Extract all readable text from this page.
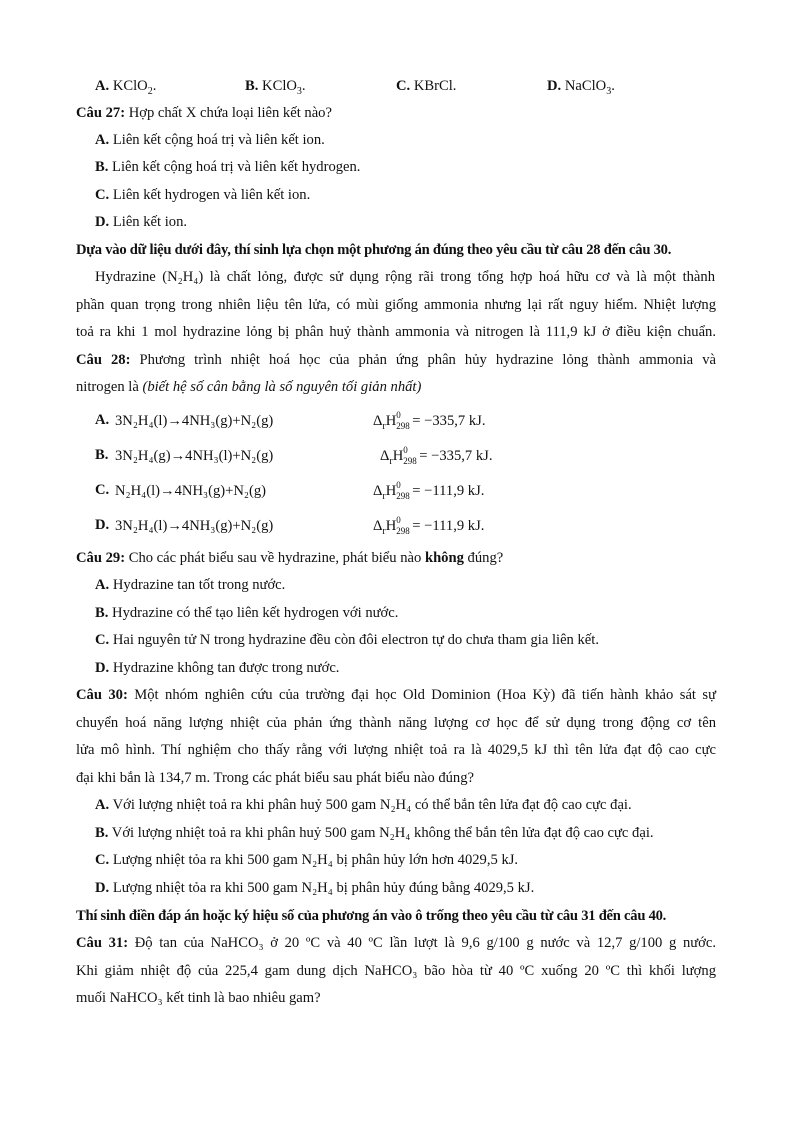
A. KClO$_2$.	B. KClO$_3$.	C. KBrCl.	D. NaClO$_3$.
Câu 27: Hợp chất X chứa loại liên kết nào?
A. Liên kết cộng hoá trị và liên kết ion.
B. Liên kết cộng hoá trị và liên kết hydrogen.
C. Liên kết hydrogen và liên kết ion.
D. Liên kết ion.
Dựa vào dữ liệu dưới đây, thí sinh lựa chọn một phương án đúng theo yêu cầu từ câu 28 đến câu 30.
Hydrazine (N₂H₄) là chất lỏng, được sử dụng rộng rãi trong tổng hợp hoá hữu cơ và là một thành
phần quan trọng trong nhiên liệu tên lửa, có mùi giống ammonia nhưng lại rất nguy hiểm. Nhiệt lượng
toả ra khi 1 mol hydrazine lỏng bị phân huỷ thành ammonia và nitrogen là 111,9 kJ ở điều kiện chuẩn.
Câu 28: Phương trình nhiệt hoá học của phản ứng phân hủy hydrazine lỏng thành ammonia và
nitrogen là (biết hệ số cân bằng là số nguyên tối giản nhất)
A. 3N₂H₄(l)→4NH₃(g)+N₂(g)	$\Delta_rH$ 0
298 = −335,7 kJ.
B. 3N₂H₄(g)→4NH₃(l)+N₂(g)	$\Delta_rH$ 0
298 = −335,7 kJ.
C. N₂H₄(l)→4NH₃(g)+N₂(g)	$\Delta_rH$ 0
298 = −111,9 kJ.
D. 3N₂H₄(l)→4NH₃(g)+N₂(g)	$\Delta_rH$ 0
298 = −111,9 kJ.
Câu 29: Cho các phát biểu sau về hydrazine, phát biểu nào không đúng?
A. Hydrazine tan tốt trong nước.
B. Hydrazine có thể tạo liên kết hydrogen với nước.
C. Hai nguyên tử N trong hydrazine đều còn đôi electron tự do chưa tham gia liên kết.
D. Hydrazine không tan được trong nước.
Câu 30: Một nhóm nghiên cứu của trường đại học Old Dominion (Hoa Kỳ) đã tiến hành khảo sát sự
chuyển hoá năng lượng nhiệt của phản ứng thành năng lượng cơ học để sử dụng trong động cơ tên
lửa mô hình. Thí nghiệm cho thấy rằng với lượng nhiệt toả ra là 4029,5 kJ thì tên lửa đạt độ cao cực
đại khi bắn là 134,7 m. Trong các phát biểu sau phát biểu nào đúng?
A. Với lượng nhiệt toả ra khi phân huỷ 500 gam N₂H₄ có thể bắn tên lửa đạt độ cao cực đại.
B. Với lượng nhiệt toả ra khi phân huỷ 500 gam N₂H₄ không thể bắn tên lửa đạt độ cao cực đại.
C. Lượng nhiệt tỏa ra khi 500 gam N₂H₄ bị phân hủy lớn hơn 4029,5 kJ.
D. Lượng nhiệt tỏa ra khi 500 gam N₂H₄ bị phân hủy đúng bằng 4029,5 kJ.
Thí sinh điền đáp án hoặc ký hiệu số của phương án vào ô trống theo yêu cầu từ câu 31 đến câu 40.
Câu 31: Độ tan của NaHCO₃ ở 20 ºC và 40 ºC lần lượt là 9,6 g/100 g nước và 12,7 g/100 g nước.
Khi giảm nhiệt độ của 225,4 gam dung dịch NaHCO₃ bão hòa từ 40 ºC xuống 20 ºC thì khối lượng
muối NaHCO₃ kết tinh là bao nhiêu gam?
